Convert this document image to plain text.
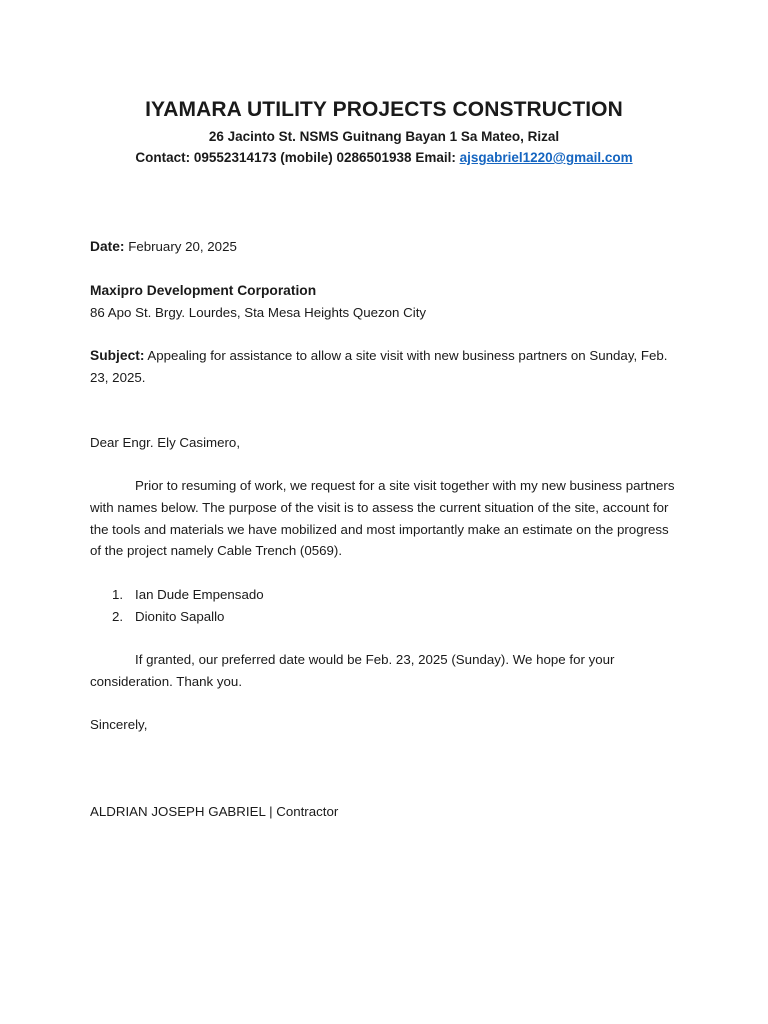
IYAMARA UTILITY PROJECTS CONSTRUCTION

26 Jacinto St. NSMS Guitnang Bayan 1 Sa Mateo, Rizal

Contact: 09552314173 (mobile) 0286501938 Email: ajsgabriel1220@gmail.com

Date: February 20, 2025

Maxipro Development Corporation

86 Apo St. Brgy. Lourdes, Sta Mesa Heights Quezon City

Subject: Appealing for assistance to allow a site visit with new business partners on Sunday, Feb. 23, 2025.

Dear Engr. Ely Casimero,

Prior to resuming of work, we request for a site visit together with my new business partners with names below. The purpose of the visit is to assess the current situation of the site, account for the tools and materials we have mobilized and most importantly make an estimate on the progress of the project namely Cable Trench (0569).

1. Ian Dude Empensado
2. Dionito Sapallo

If granted, our preferred date would be Feb. 23, 2025 (Sunday). We hope for your consideration. Thank you.

Sincerely,

ALDRIAN JOSEPH GABRIEL | Contractor
